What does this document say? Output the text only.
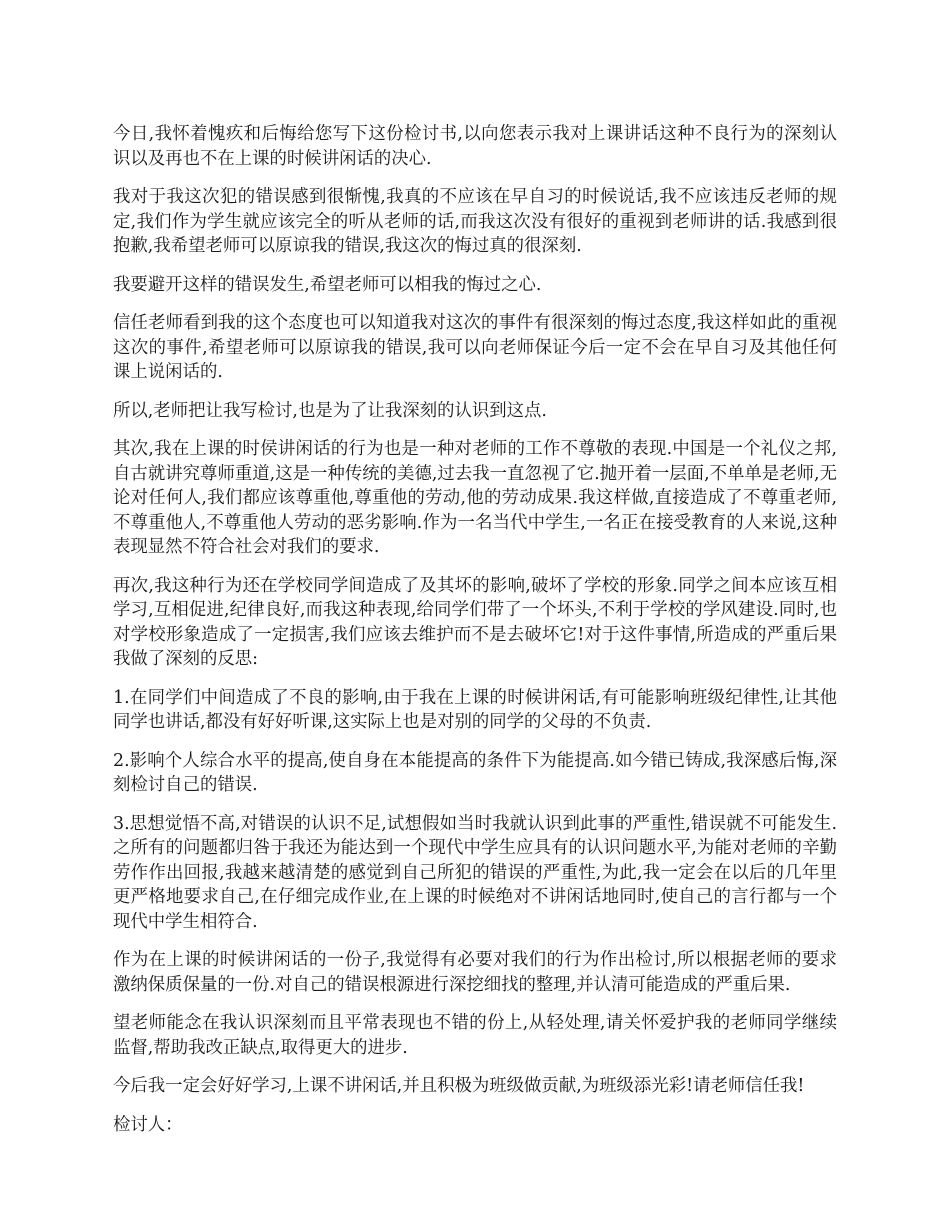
今日,我怀着愧疚和后悔给您写下这份检讨书,以向您表示我对上课讲话这种不良行为的深刻认识以及再也不在上课的时候讲闲话的决心.

我对于我这次犯的错误感到很惭愧,我真的不应该在早自习的时候说话,我不应该违反老师的规定,我们作为学生就应该完全的听从老师的话,而我这次没有很好的重视到老师讲的话.我感到很抱歉,我希望老师可以原谅我的错误,我这次的悔过真的很深刻.

我要避开这样的错误发生,希望老师可以相我的悔过之心.

信任老师看到我的这个态度也可以知道我对这次的事件有很深刻的悔过态度,我这样如此的重视这次的事件,希望老师可以原谅我的错误,我可以向老师保证今后一定不会在早自习及其他任何课上说闲话的.

所以,老师把让我写检讨,也是为了让我深刻的认识到这点.

其次,我在上课的时侯讲闲话的行为也是一种对老师的工作不尊敬的表现.中国是一个礼仪之邦,自古就讲究尊师重道,这是一种传统的美德,过去我一直忽视了它.抛开着一层面,不单单是老师,无论对任何人,我们都应该尊重他,尊重他的劳动,他的劳动成果.我这样做,直接造成了不尊重老师,不尊重他人,不尊重他人劳动的恶劣影响.作为一名当代中学生,一名正在接受教育的人来说,这种表现显然不符合社会对我们的要求.

再次,我这种行为还在学校同学间造成了及其坏的影响,破坏了学校的形象.同学之间本应该互相学习,互相促进,纪律良好,而我这种表现,给同学们带了一个坏头,不利于学校的学风建设.同时,也对学校形象造成了一定损害,我们应该去维护而不是去破坏它!对于这件事情,所造成的严重后果我做了深刻的反思:

1.在同学们中间造成了不良的影响,由于我在上课的时候讲闲话,有可能影响班级纪律性,让其他同学也讲话,都没有好好听课,这实际上也是对别的同学的父母的不负责.

2.影响个人综合水平的提高,使自身在本能提高的条件下为能提高.如今错已铸成,我深感后悔,深刻检讨自己的错误.

3.思想觉悟不高,对错误的认识不足,试想假如当时我就认识到此事的严重性,错误就不可能发生.之所有的问题都归咎于我还为能达到一个现代中学生应具有的认识问题水平,为能对老师的辛勤劳作作出回报,我越来越清楚的感觉到自己所犯的错误的严重性,为此,我一定会在以后的几年里更严格地要求自己,在仔细完成作业,在上课的时候绝对不讲闲话地同时,使自己的言行都与一个现代中学生相符合.

作为在上课的时候讲闲话的一份子,我觉得有必要对我们的行为作出检讨,所以根据老师的要求激纳保质保量的一份.对自己的错误根源进行深挖细找的整理,并认清可能造成的严重后果.

望老师能念在我认识深刻而且平常表现也不错的份上,从轻处理,请关怀爱护我的老师同学继续监督,帮助我改正缺点,取得更大的进步.

今后我一定会好好学习,上课不讲闲话,并且积极为班级做贡献,为班级添光彩!请老师信任我!

检讨人：
